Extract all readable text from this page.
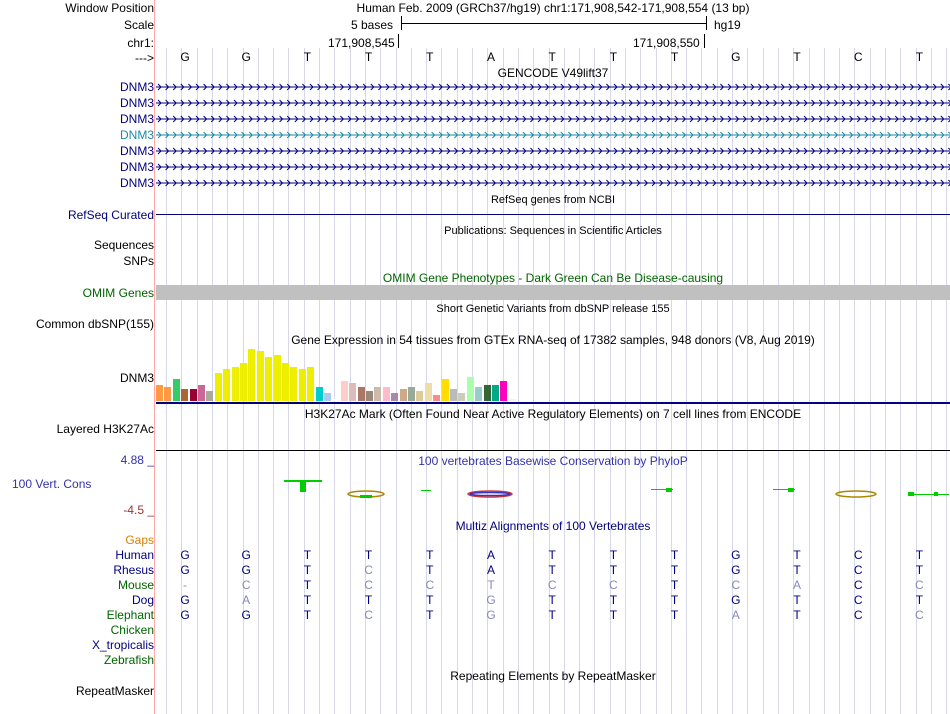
Window Position	Human Feb. 2009 (GRCh37/hg19) chr1:171,908,542-171,908,554 (13 bp)
Scale	5 bases	hg19
chr1:	171,908,545	171,908,550
--->	G	G	T	T	T	A	T	T	T	G	T	C	T
GENCODE V49lift37
DNM3
DNM3
DNM3
DNM3
DNM3
DNM3
DNM3
RefSeq genes from NCBI
RefSeq Curated
Publications: Sequences in Scientific Articles
Sequences
SNPs
OMIM Gene Phenotypes - Dark Green Can Be Disease-causing
OMIM Genes
Short Genetic Variants from dbSNP release 155
Common dbSNP(155)
Gene Expression in 54 tissues from GTEx RNA-seq of 17382 samples, 948 donors (V8, Aug 2019)
DNM3
H3K27Ac Mark (Often Found Near Active Regulatory Elements) on 7 cell lines from ENCODE
Layered H3K27Ac
100 vertebrates Basewise Conservation by PhyloP
4.88 _
100 Vert. Cons
-4.5 _
Multiz Alignments of 100 Vertebrates
Gaps
Human	G	G	T	T	T	A	T	T	T	G	T	C	T
Rhesus	G	G	T	C	T	A	T	T	T	G	T	C	T
Mouse	-	C	T	C	C	T	C	C	T	C	A	C	C
Dog	G	A	T	T	T	G	T	T	T	G	T	C	T
Elephant	G	G	T	C	T	G	T	T	T	A	T	C	C
Chicken
X_tropicalis
Zebrafish
Repeating Elements by RepeatMasker
RepeatMasker
